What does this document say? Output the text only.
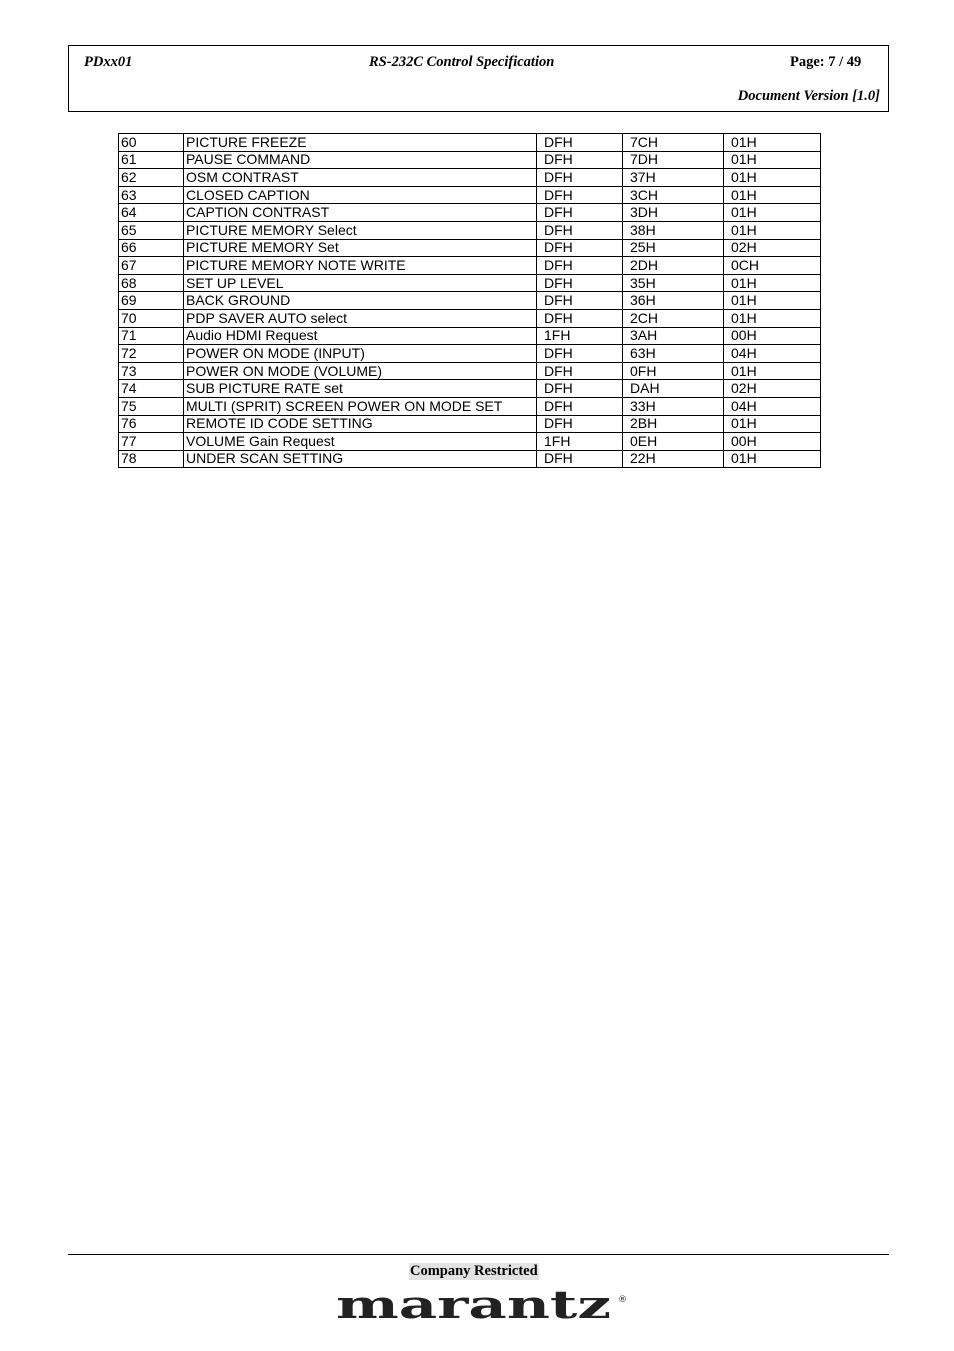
PDxx01	RS-232C Control Specification	Page: 7 / 49
Document Version [1.0]
60	PICTURE FREEZE	DFH	7CH	01H
61	PAUSE COMMAND	DFH	7DH	01H
62	OSM CONTRAST	DFH	37H	01H
63	CLOSED CAPTION	DFH	3CH	01H
64	CAPTION CONTRAST	DFH	3DH	01H
65	PICTURE MEMORY Select	DFH	38H	01H
66	PICTURE MEMORY Set	DFH	25H	02H
67	PICTURE MEMORY NOTE WRITE	DFH	2DH	0CH
68	SET UP LEVEL	DFH	35H	01H
69	BACK GROUND	DFH	36H	01H
70	PDP SAVER AUTO select	DFH	2CH	01H
71	Audio HDMI Request	1FH	3AH	00H
72	POWER ON MODE (INPUT)	DFH	63H	04H
73	POWER ON MODE (VOLUME)	DFH	0FH	01H
74	SUB PICTURE RATE set	DFH	DAH	02H
75	MULTI (SPRIT) SCREEN POWER ON MODE SET	DFH	33H	04H
76	REMOTE ID CODE SETTING	DFH	2BH	01H
77	VOLUME Gain Request	1FH	0EH	00H
78	UNDER SCAN SETTING	DFH	22H	01H
Company Restricted
marantz ®
